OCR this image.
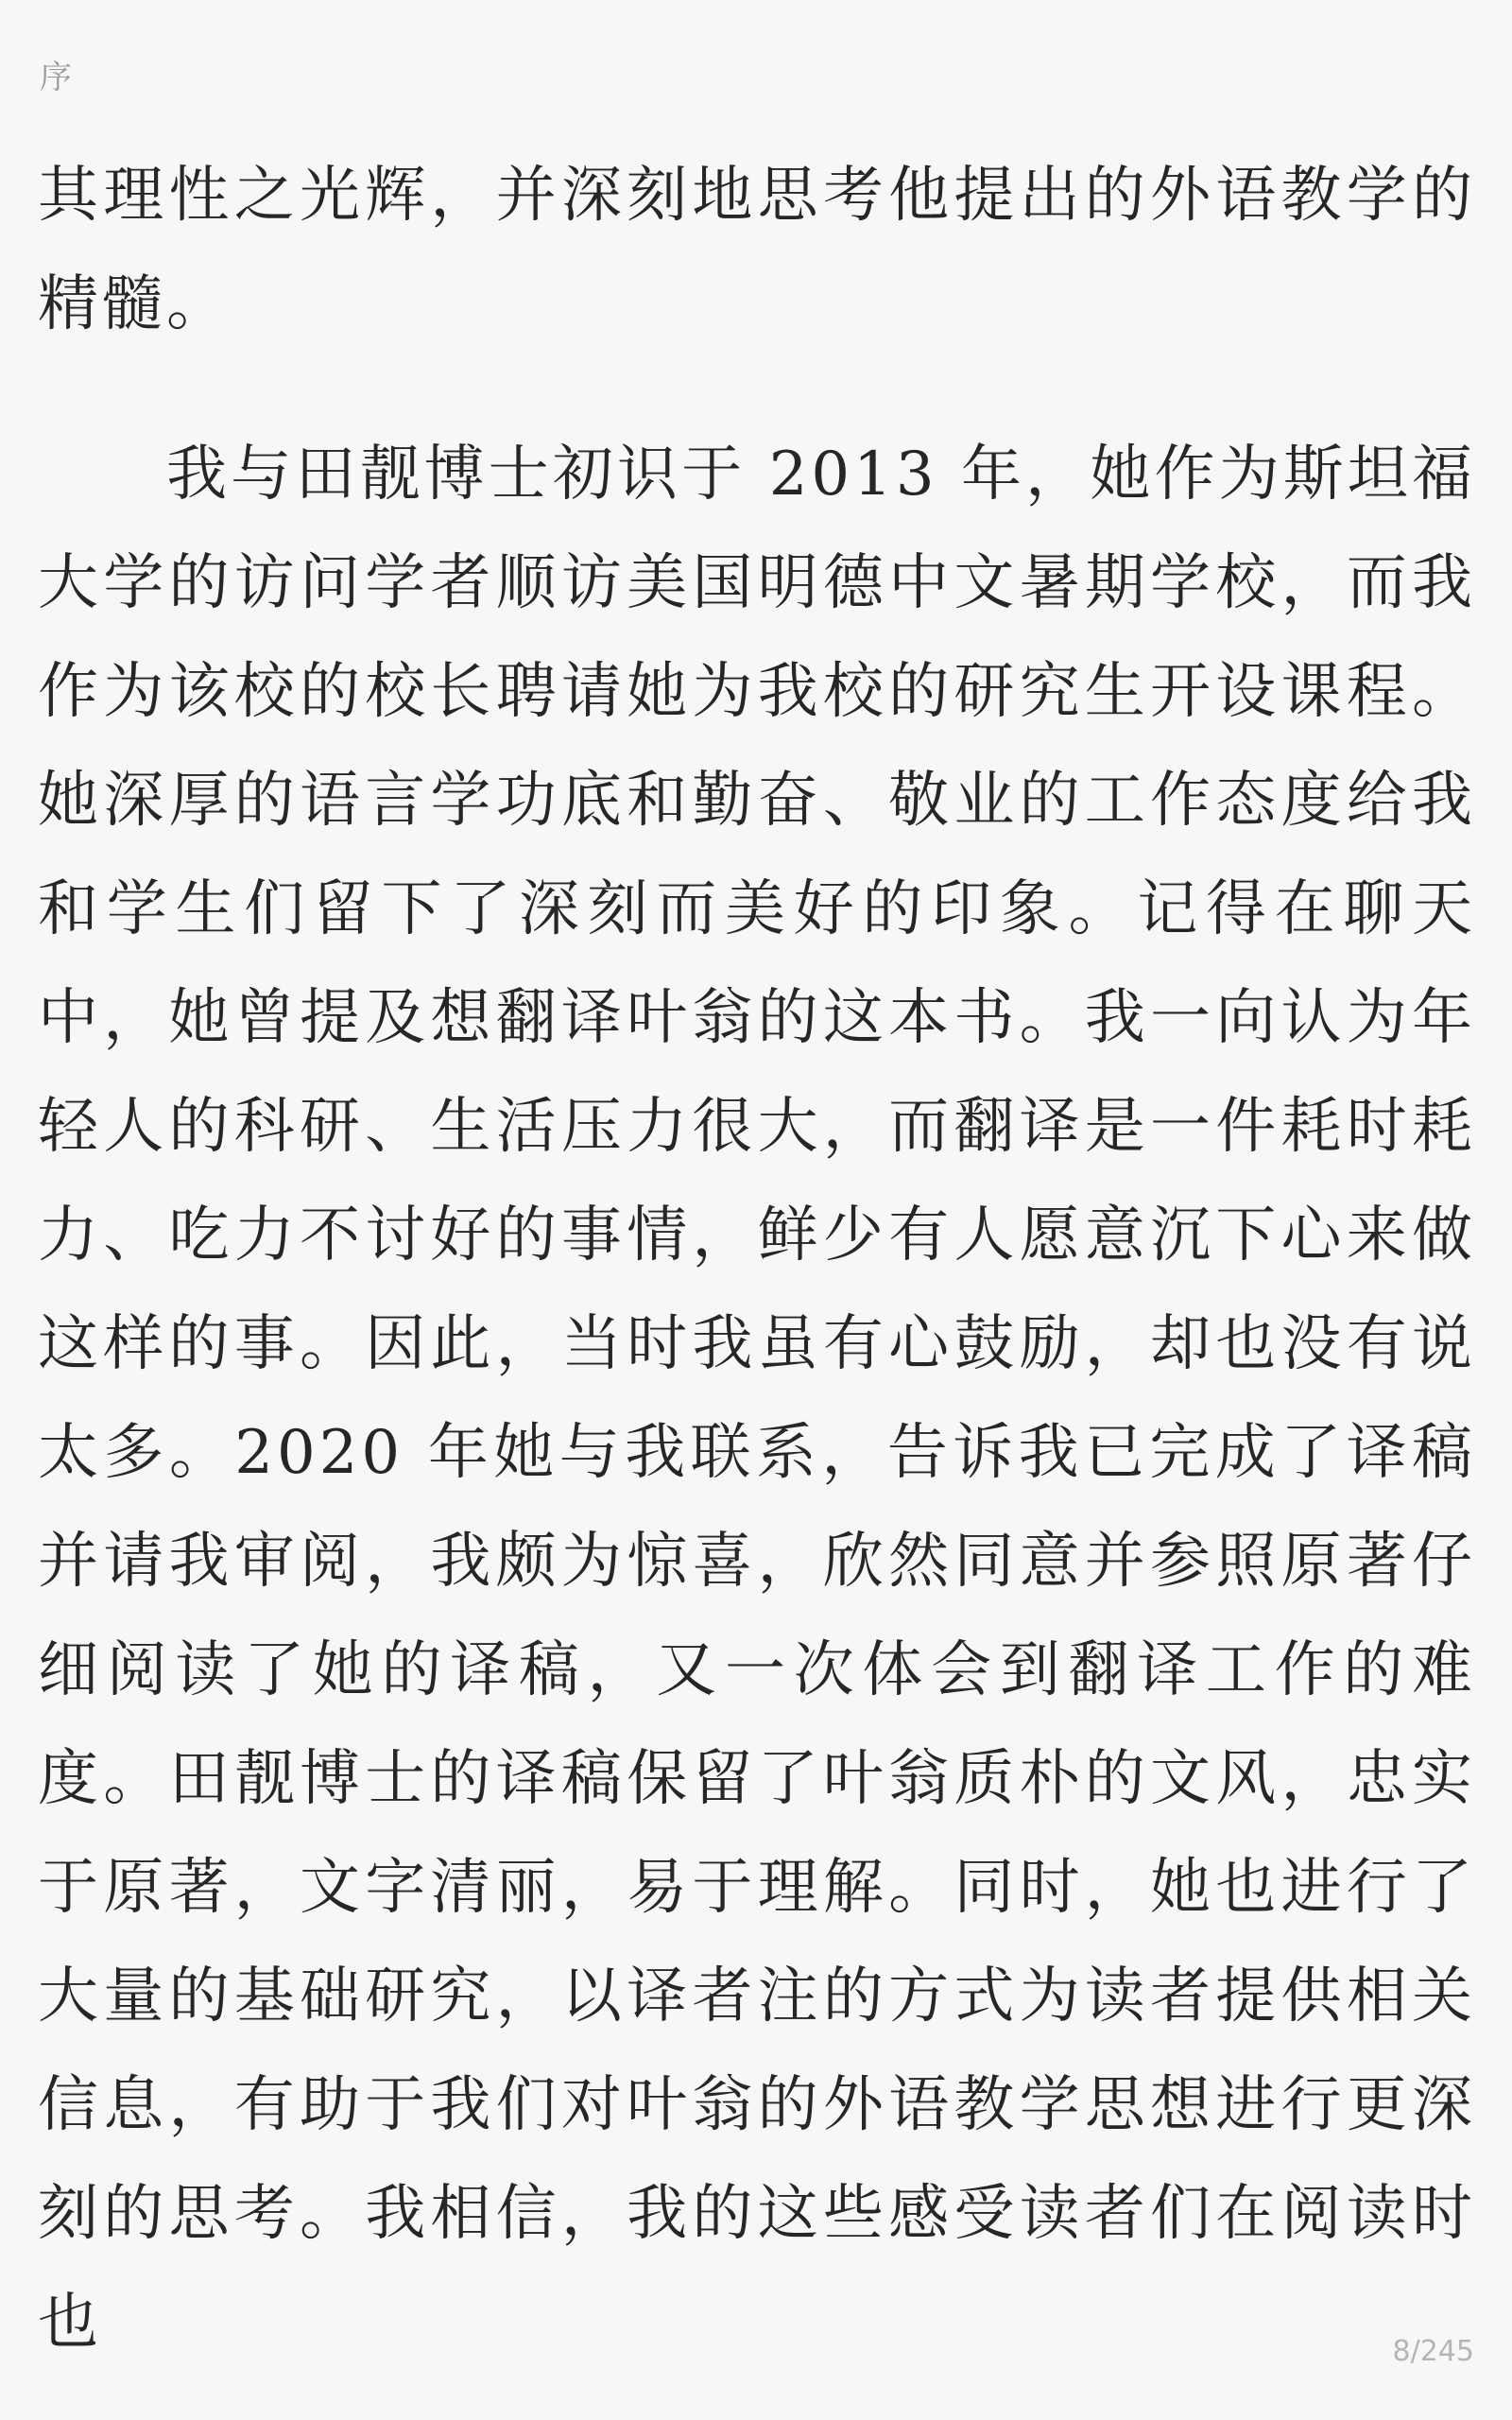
序

其理性之光辉，并深刻地思考他提出的外语教学的精髓。

我与田靓博士初识于 2013 年，她作为斯坦福大学的访问学者顺访美国明德中文暑期学校，而我作为该校的校长聘请她为我校的研究生开设课程。她深厚的语言学功底和勤奋、敬业的工作态度给我和学生们留下了深刻而美好的印象。记得在聊天中，她曾提及想翻译叶翁的这本书。我一向认为年轻人的科研、生活压力很大，而翻译是一件耗时耗力、吃力不讨好的事情，鲜少有人愿意沉下心来做这样的事。因此，当时我虽有心鼓励，却也没有说太多。2020 年她与我联系，告诉我已完成了译稿并请我审阅，我颇为惊喜，欣然同意并参照原著仔细阅读了她的译稿，又一次体会到翻译工作的难度。田靓博士的译稿保留了叶翁质朴的文风，忠实于原著，文字清丽，易于理解。同时，她也进行了大量的基础研究，以译者注的方式为读者提供相关信息，有助于我们对叶翁的外语教学思想进行更深刻的思考。我相信，我的这些感受读者们在阅读时也	8/245
